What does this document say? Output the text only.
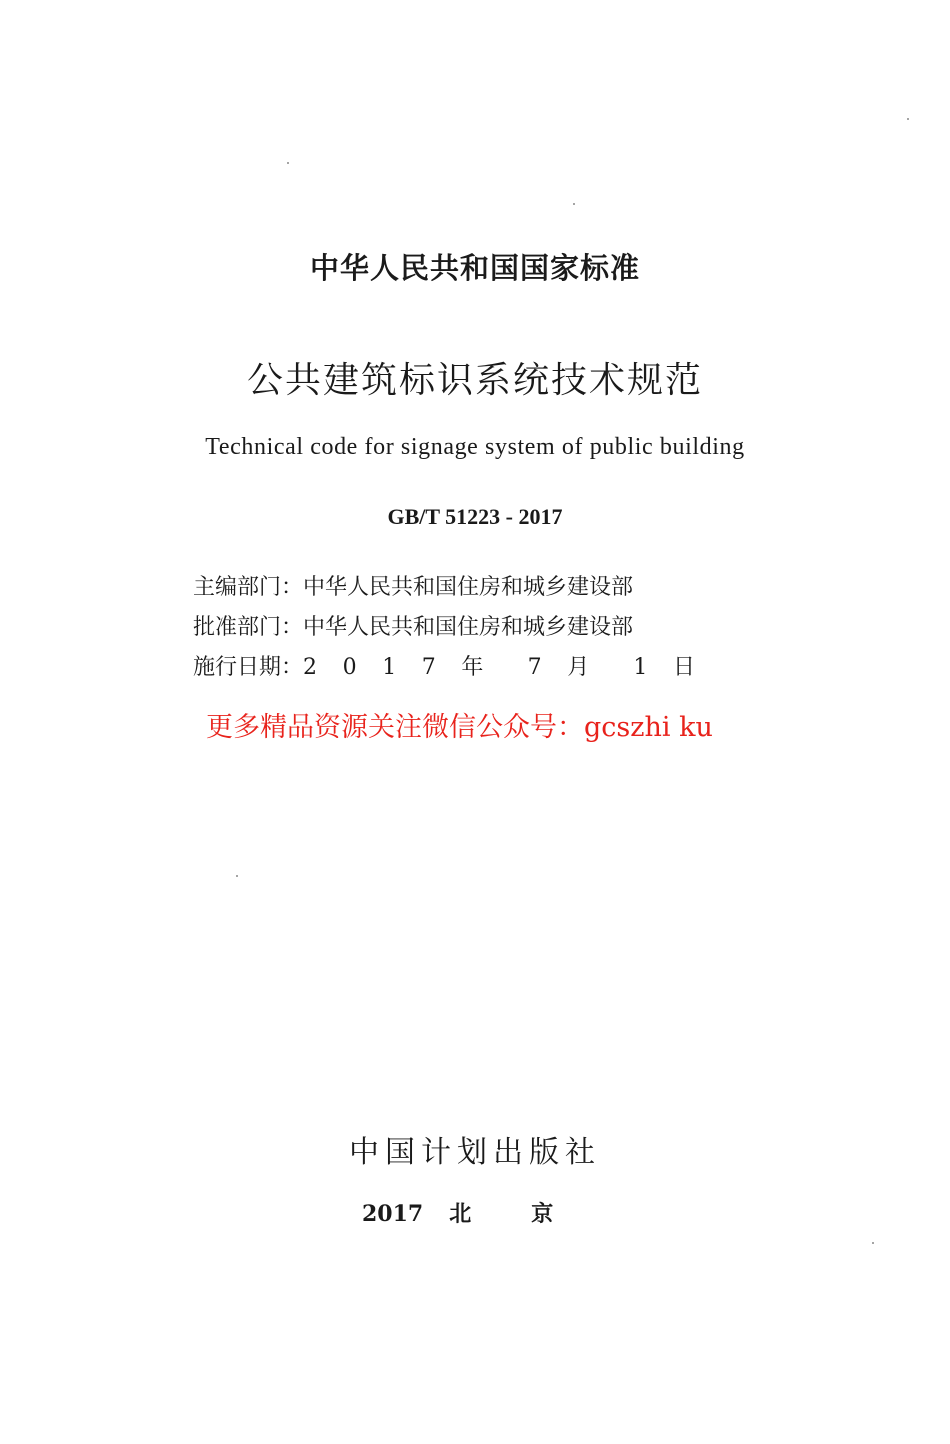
中华人民共和国国家标准
公共建筑标识系统技术规范
Technical code for signage system of public building
GB/T 51223 - 2017
主编部门：中华人民共和国住房和城乡建设部
批准部门：中华人民共和国住房和城乡建设部
施行日期：2 0 1 7 年 7 月 1 日
更多精品资源关注微信公众号：gcszhi ku
中国计划出版社
2017 北 京
